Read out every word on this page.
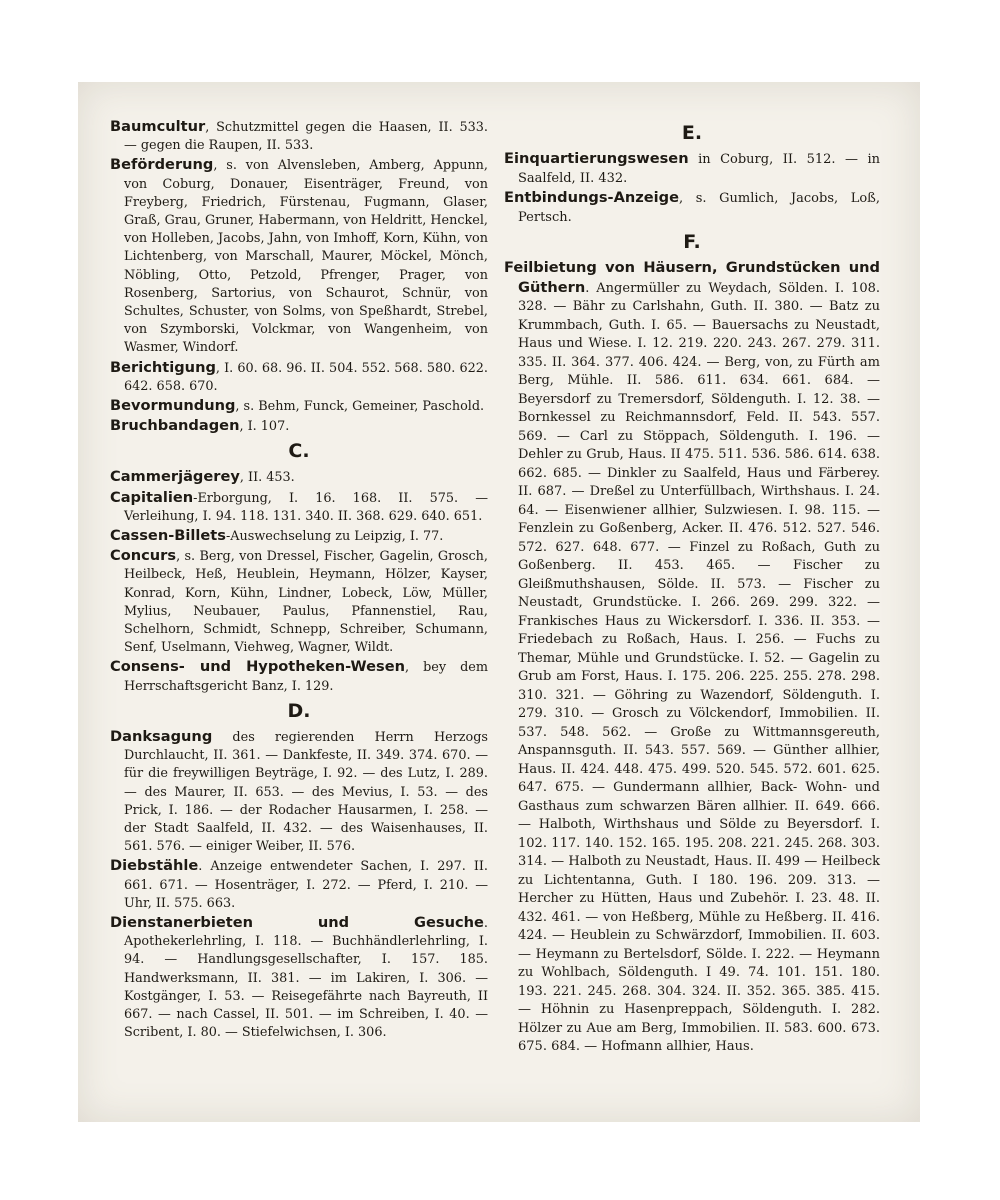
Baumcultur, Schutzmittel gegen die Haasen, II. 533. — gegen die Raupen, II. 533.
Beförderung, s. von Alvensleben, Amberg, Appunn, von Coburg, Donauer, Eisenträger, Freund, von Freyberg, Friedrich, Fürstenau, Fugmann, Glaser, Graß, Grau, Gruner, Habermann, von Heldritt, Henckel, von Holleben, Jacobs, Jahn, von Imhoff, Korn, Kühn, von Lichtenberg, von Marschall, Maurer, Möckel, Mönch, Nöbling, Otto, Petzold, Pfrenger, Prager, von Rosenberg, Sartorius, von Schaurot, Schnür, von Schultes, Schuster, von Solms, von Speßhardt, Strebel, von Szymborski, Volckmar, von Wangenheim, von Wasmer, Windorf.
Berichtigung, I. 60. 68. 96. II. 504. 552. 568. 580. 622. 642. 658. 670.
Bevormundung, s. Behm, Funck, Gemeiner, Paschold.
Bruchbandagen, I. 107.
C.
Cammerjägerey, II. 453.
Capitalien-Erborgung, I. 16. 168. II. 575. — Verleihung, I. 94. 118. 131. 340. II. 368. 629. 640. 651.
Cassen-Billets-Auswechselung zu Leipzig, I. 77.
Concurs, s. Berg, von Dressel, Fischer, Gagelin, Grosch, Heilbeck, Heß, Heublein, Heymann, Hölzer, Kayser, Konrad, Korn, Kühn, Lindner, Lobeck, Löw, Müller, Mylius, Neubauer, Paulus, Pfannenstiel, Rau, Schelhorn, Schmidt, Schnepp, Schreiber, Schumann, Senf, Uselmann, Viehweg, Wagner, Wildt.
Consens- und Hypotheken-Wesen, bey dem Herrschaftsgericht Banz, I. 129.
D.
Danksagung des regierenden Herrn Herzogs Durchlaucht, II. 361. — Dankfeste, II. 349. 374. 670. — für die freywilligen Beyträge, I. 92. — des Lutz, I. 289. — des Maurer, II. 653. — des Mevius, I. 53. — des Prick, I. 186. — der Rodacher Hausarmen, I. 258. — der Stadt Saalfeld, II. 432. — des Waisenhauses, II. 561. 576. — einiger Weiber, II. 576.
Diebstähle. Anzeige entwendeter Sachen, I. 297. II. 661. 671. — Hosenträger, I. 272. — Pferd, I. 210. — Uhr, II. 575. 663.
Dienstanerbieten und Gesuche. Apothekerlehrling, I. 118. — Buchhändlerlehrling, I. 94. — Handlungsgesellschafter, I. 157. 185. Handwerksmann, II. 381. — im Lakiren, I. 306. — Kostgänger, I. 53. — Reisegefährte nach Bayreuth, II 667. — nach Cassel, II. 501. — im Schreiben, I. 40. — Scribent, I. 80. — Stiefelwichsen, I. 306.
E.
Einquartierungswesen in Coburg, II. 512. — in Saalfeld, II. 432.
Entbindungs-Anzeige, s. Gumlich, Jacobs, Loß, Pertsch.
F.
Feilbietung von Häusern, Grundstücken und Güthern. Angermüller zu Weydach, Sölden. I. 108. 328. — Bähr zu Carlshahn, Guth. II. 380. — Batz zu Krummbach, Guth. I. 65. — Bauersachs zu Neustadt, Haus und Wiese. I. 12. 219. 220. 243. 267. 279. 311. 335. II. 364. 377. 406. 424. — Berg, von, zu Fürth am Berg, Mühle. II. 586. 611. 634. 661. 684. — Beyersdorf zu Tremersdorf, Söldenguth. I. 12. 38. — Bornkessel zu Reichmannsdorf, Feld. II. 543. 557. 569. — Carl zu Stöppach, Söldenguth. I. 196. — Dehler zu Grub, Haus. II 475. 511. 536. 586. 614. 638. 662. 685. — Dinkler zu Saalfeld, Haus und Färberey. II. 687. — Dreßel zu Unterfüllbach, Wirthshaus. I. 24. 64. — Eisenwiener allhier, Sulzwiesen. I. 98. 115. — Fenzlein zu Goßenberg, Acker. II. 476. 512. 527. 546. 572. 627. 648. 677. — Finzel zu Roßach, Guth zu Goßenberg. II. 453. 465. — Fischer zu Gleißmuthshausen, Sölde. II. 573. — Fischer zu Neustadt, Grundstücke. I. 266. 269. 299. 322. — Frankisches Haus zu Wickersdorf. I. 336. II. 353. — Friedebach zu Roßach, Haus. I. 256. — Fuchs zu Themar, Mühle und Grundstücke. I. 52. — Gagelin zu Grub am Forst, Haus. I. 175. 206. 225. 255. 278. 298. 310. 321. — Göhring zu Wazendorf, Söldenguth. I. 279. 310. — Grosch zu Völckendorf, Immobilien. II. 537. 548. 562. — Große zu Wittmannsgereuth, Anspannsguth. II. 543. 557. 569. — Günther allhier, Haus. II. 424. 448. 475. 499. 520. 545. 572. 601. 625. 647. 675. — Gundermann allhier, Back- Wohn- und Gasthaus zum schwarzen Bären allhier. II. 649. 666. — Halboth, Wirthshaus und Sölde zu Beyersdorf. I. 102. 117. 140. 152. 165. 195. 208. 221. 245. 268. 303. 314. — Halboth zu Neustadt, Haus. II. 499 — Heilbeck zu Lichtentanna, Guth. I 180. 196. 209. 313. — Hercher zu Hütten, Haus und Zubehör. I. 23. 48. II. 432. 461. — von Heßberg, Mühle zu Heßberg. II. 416. 424. — Heublein zu Schwärzdorf, Immobilien. II. 603. — Heymann zu Bertelsdorf, Sölde. I. 222. — Heymann zu Wohlbach, Söldenguth. I 49. 74. 101. 151. 180. 193. 221. 245. 268. 304. 324. II. 352. 365. 385. 415. — Höhnin zu Hasenpreppach, Söldenguth. I. 282. Hölzer zu Aue am Berg, Immobilien. II. 583. 600. 673. 675. 684. — Hofmann allhier, Haus.
